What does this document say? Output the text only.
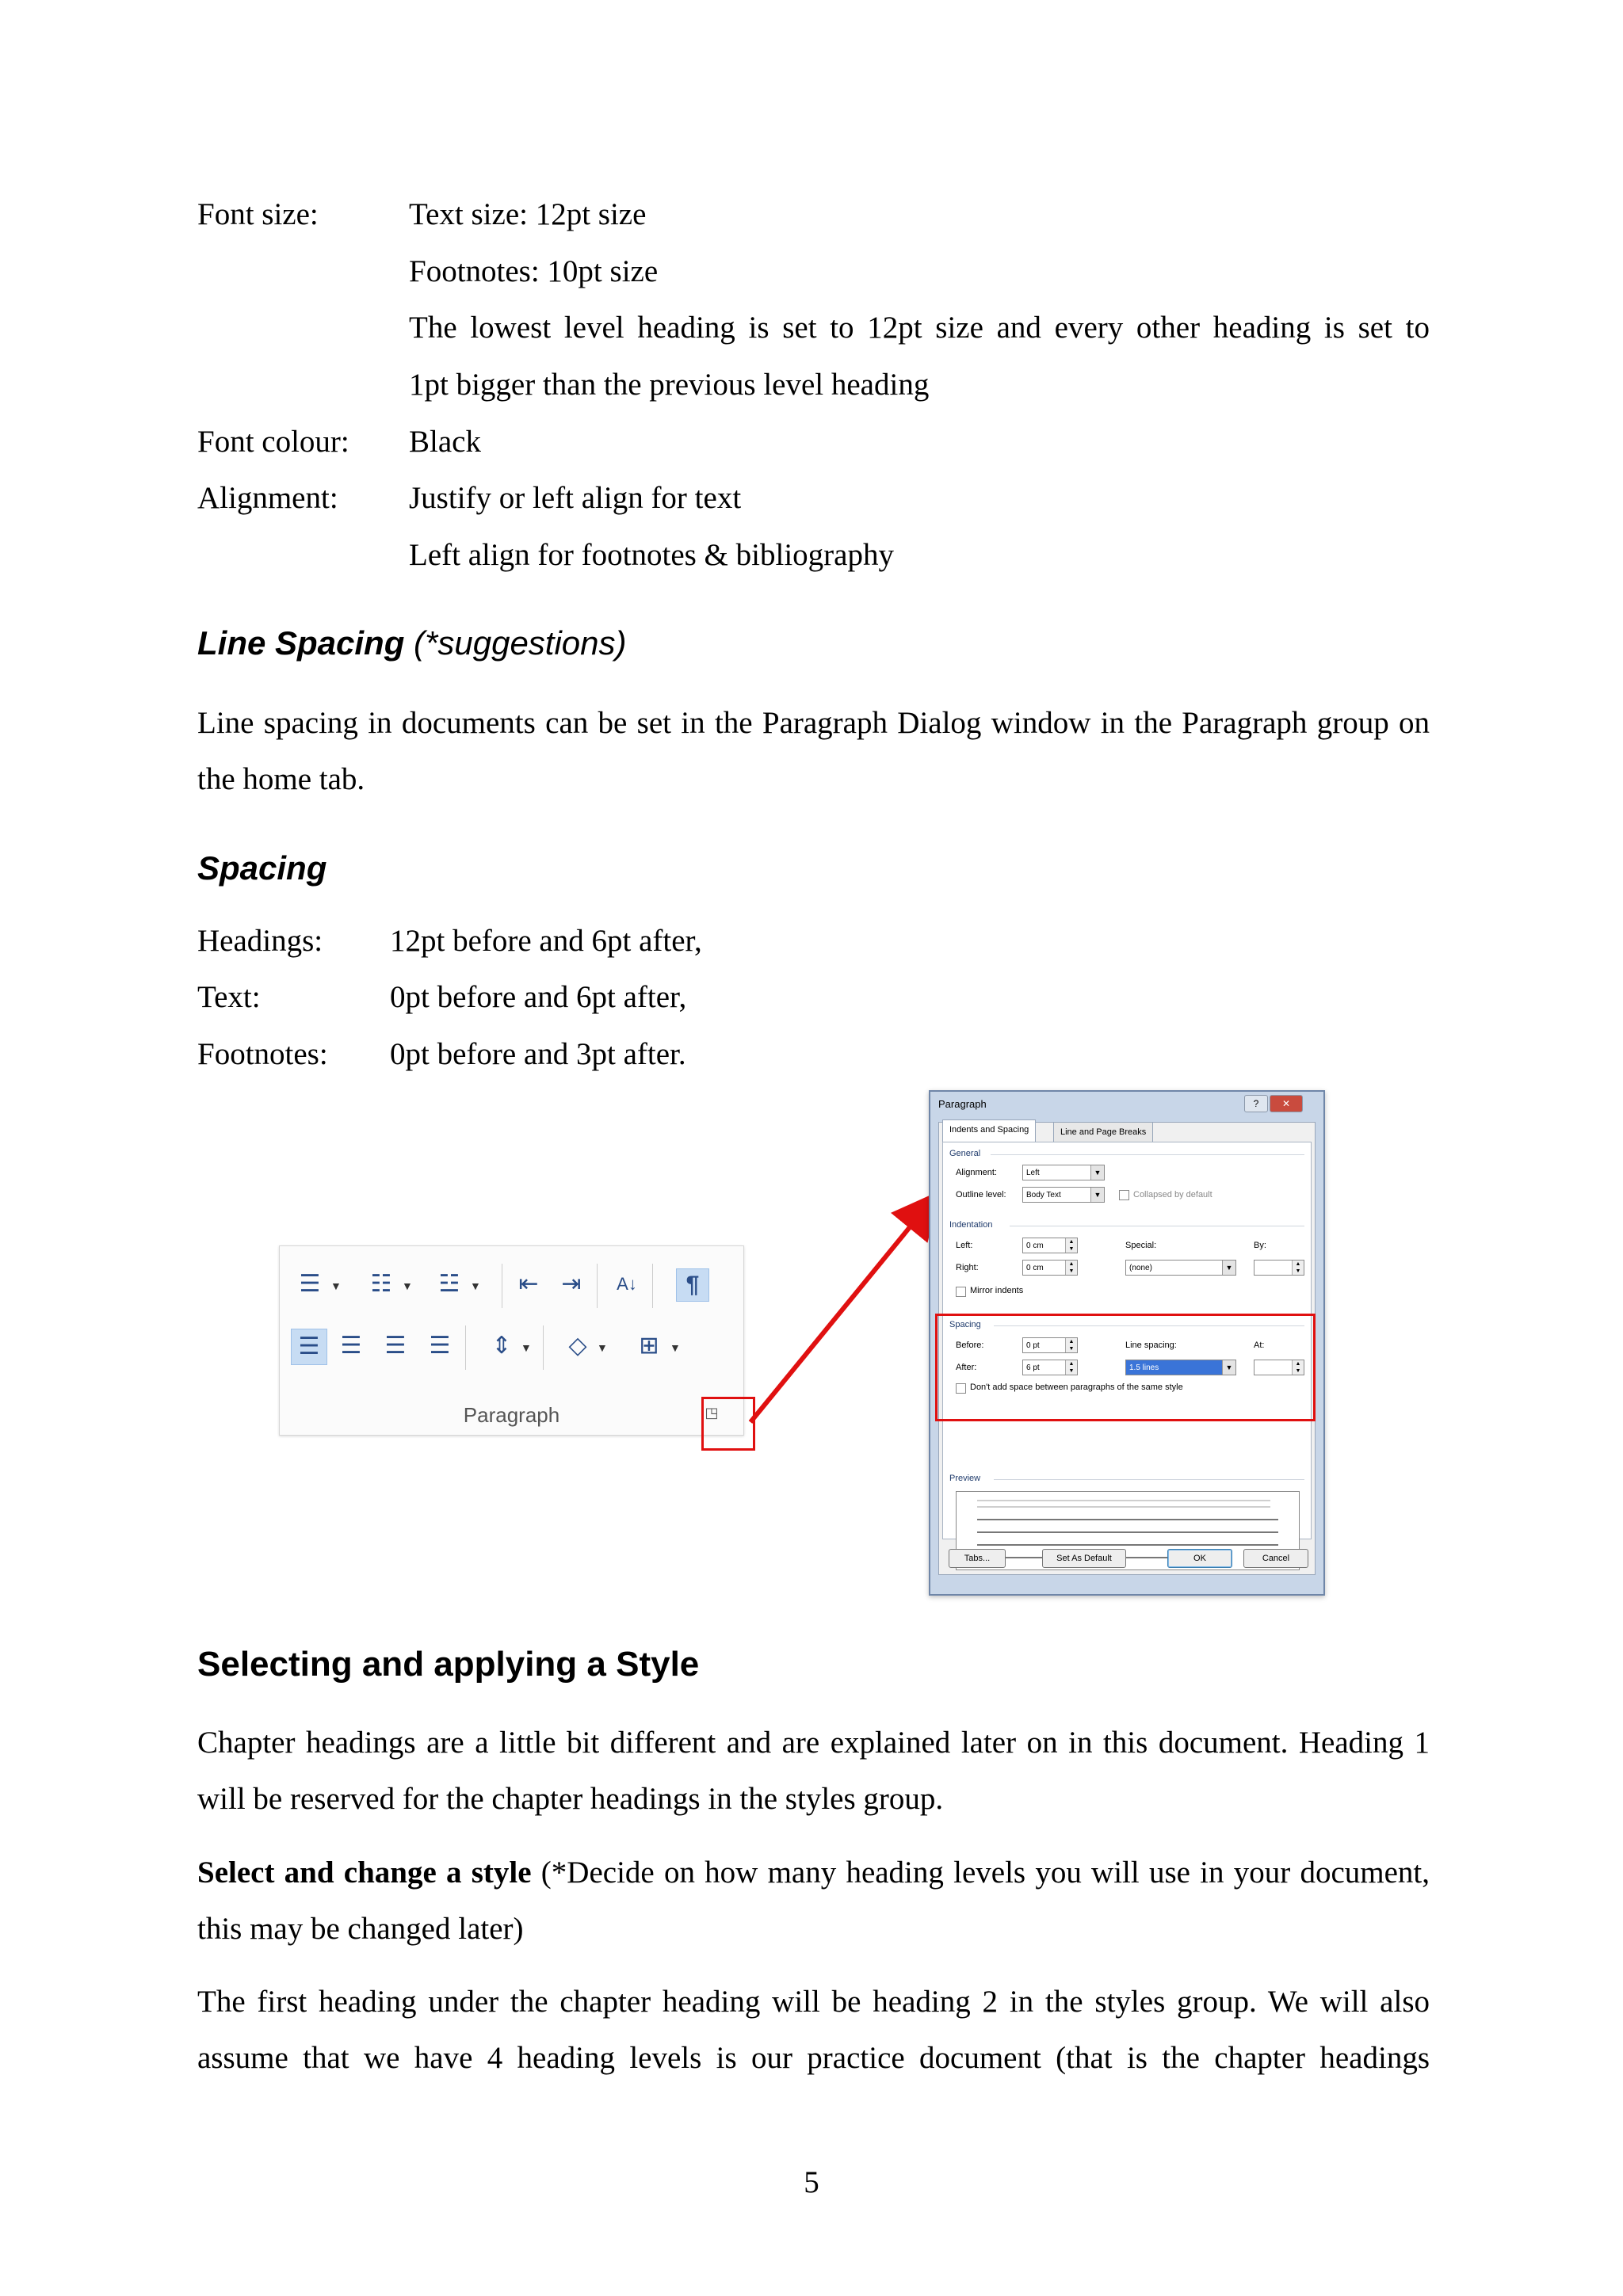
Font size:	Text size: 12pt size
Footnotes: 10pt size
The lowest level heading is set to 12pt size and every other heading is set to
1pt bigger than the previous level heading
Font colour: Black
Alignment: Justify or left align for text
Left align for footnotes & bibliography
Line Spacing (*suggestions)
Line spacing in documents can be set in the Paragraph Dialog window in the Paragraph group on the home tab.
Spacing
Headings: 12pt before and 6pt after,
Text:	0pt before and 6pt after,
Footnotes: 0pt before and 3pt after.
☰ ▼ ☷ ▼ ☳ ▼ ⇤ ⇥ A↓	¶
☰ ☰ ☰ ☰ ⇕ ▼ ◇ ▼ ⊞ ▼
Paragraph	◳
Paragraph	?	✕
Indents and Spacing	Line and Page Breaks
General
Alignment:	Left	▼
Outline level:	Body Text	▼	Collapsed by default
Indentation
Left:	0 cm	▲
▼
Right:	0 cm	▲
▼
Special:
(none)	▼
By:
▲
▼
Mirror indents
Spacing
Before:	0 pt	▲
▼
After:	6 pt	▲
▼
Line spacing:
1.5 lines	▼
At:
▲
▼
Don't add space between paragraphs of the same style
Preview
Tabs...	Set As Default	OK	Cancel
Selecting and applying a Style
Chapter headings are a little bit different and are explained later on in this document. Heading 1 will be reserved for the chapter headings in the styles group.
Select and change a style (*Decide on how many heading levels you will use in your document, this may be changed later)
The first heading under the chapter heading will be heading 2 in the styles group. We will also assume that we have 4 heading levels is our practice document (that is the chapter headings
5
